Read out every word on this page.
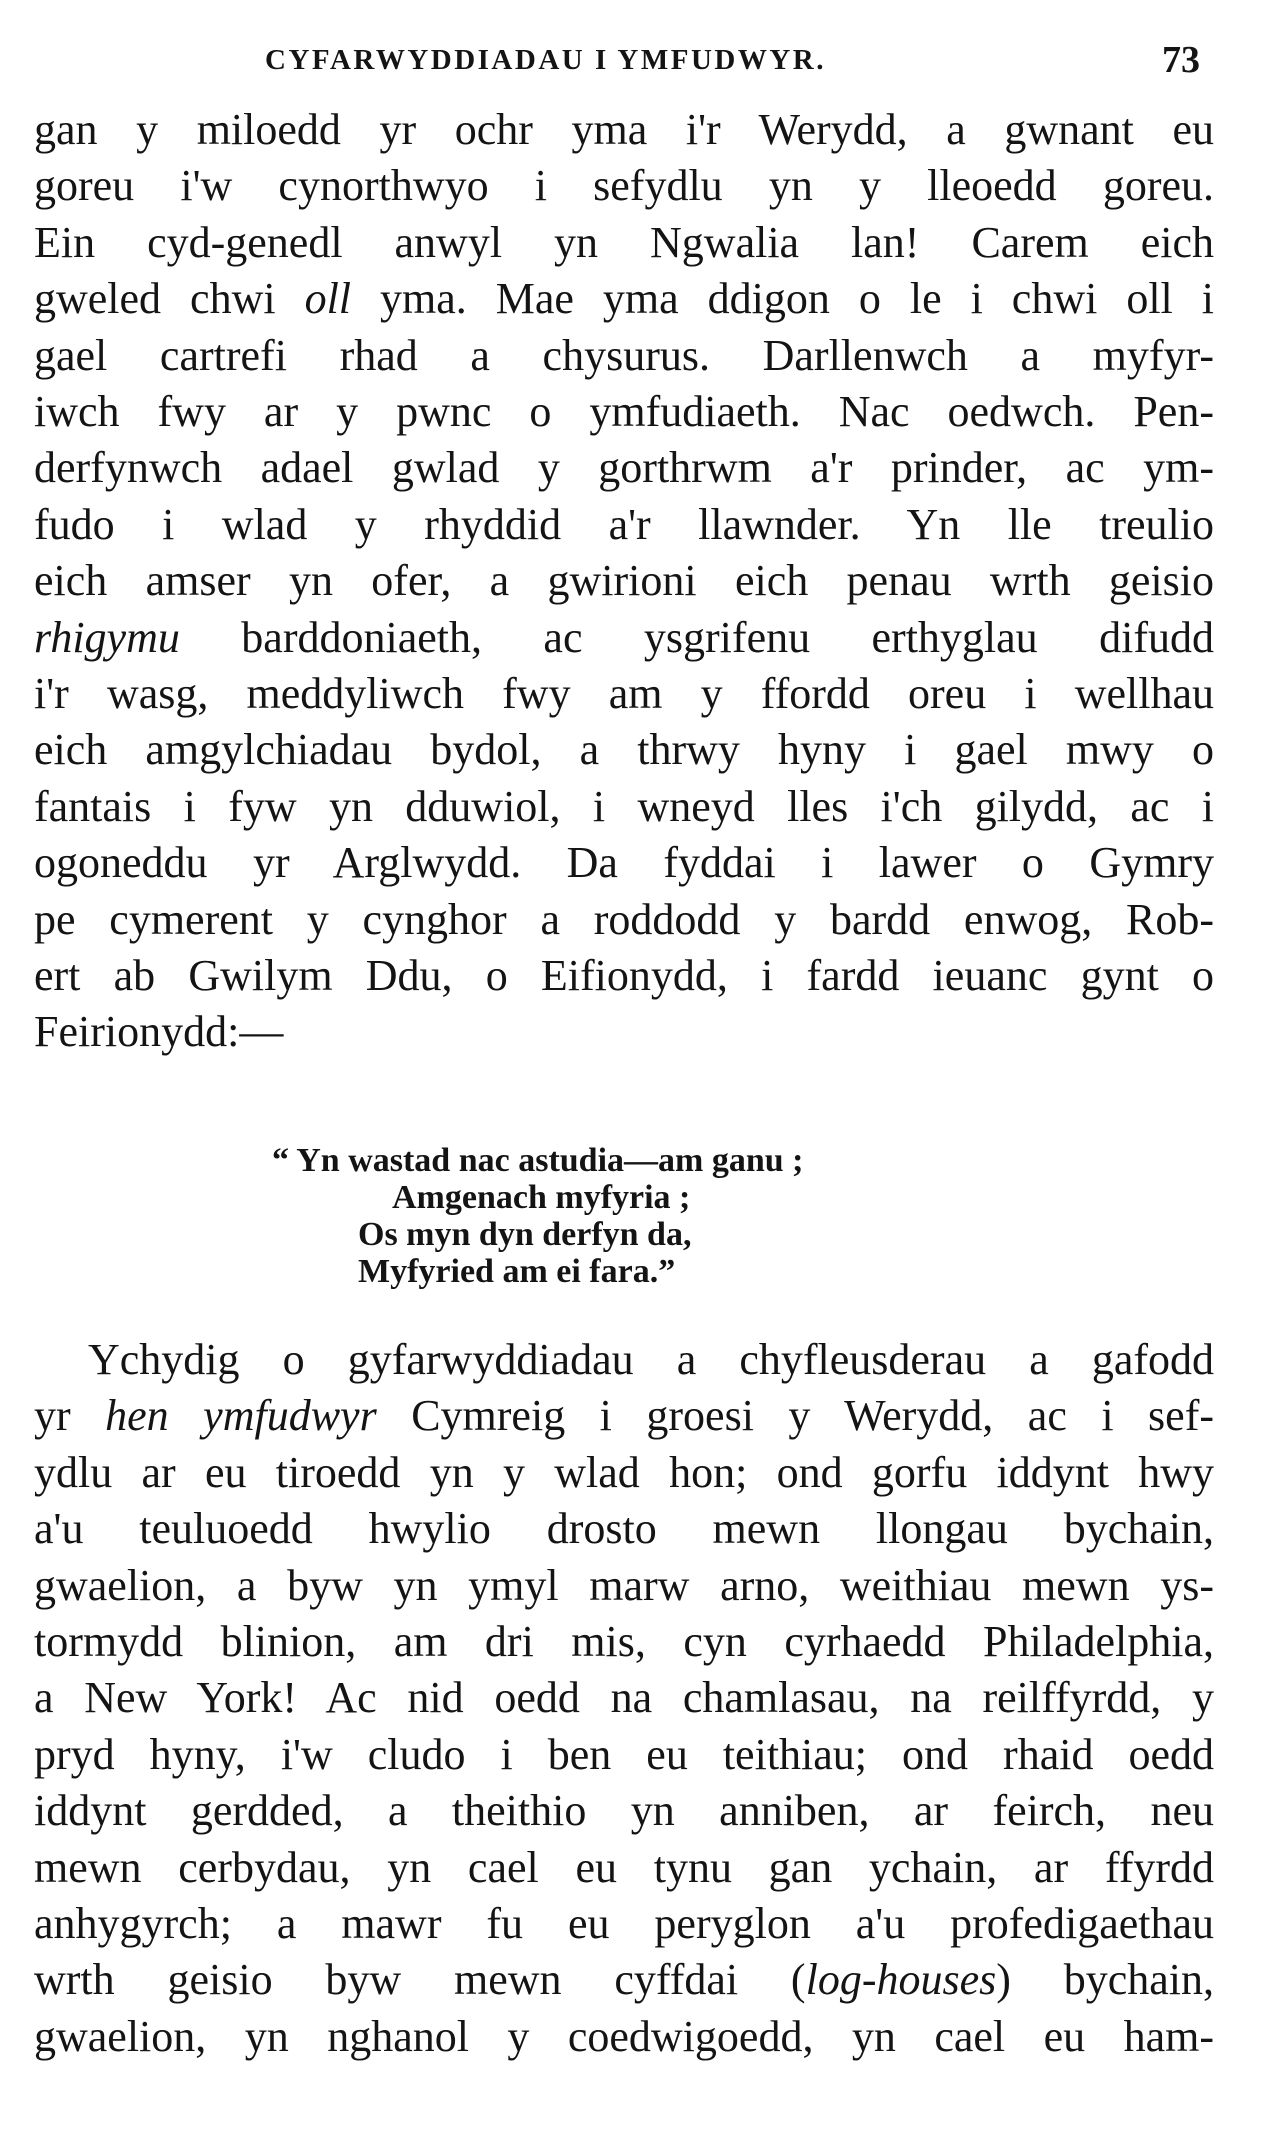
CYFARWYDDIADAU I YMFUDWYR.	73
gan y miloedd yr ochr yma i'r Werydd, a gwnant eu
goreu i'w cynorthwyo i sefydlu yn y lleoedd goreu.
Ein cyd-genedl anwyl yn Ngwalia lan! Carem eich
gweled chwi oll yma. Mae yma ddigon o le i chwi oll i
gael cartrefi rhad a chysurus. Darllenwch a myfyr-
iwch fwy ar y pwnc o ymfudiaeth. Nac oedwch. Pen-
derfynwch adael gwlad y gorthrwm a'r prinder, ac ym-
fudo i wlad y rhyddid a'r llawnder. Yn lle treulio
eich amser yn ofer, a gwirioni eich penau wrth geisio
rhigymu barddoniaeth, ac ysgrifenu erthyglau difudd
i'r wasg, meddyliwch fwy am y ffordd oreu i wellhau
eich amgylchiadau bydol, a thrwy hyny i gael mwy o
fantais i fyw yn dduwiol, i wneyd lles i'ch gilydd, ac i
ogoneddu yr Arglwydd. Da fyddai i lawer o Gymry
pe cymerent y cynghor a roddodd y bardd enwog, Rob-
ert ab Gwilym Ddu, o Eifionydd, i fardd ieuanc gynt o
Feirionydd:—
“ Yn wastad nac astudia—am ganu ;
Amgenach myfyria ;
Os myn dyn derfyn da,
Myfyried am ei fara.”
Ychydig o gyfarwyddiadau a chyfleusderau a gafodd
yr hen ymfudwyr Cymreig i groesi y Werydd, ac i sef-
ydlu ar eu tiroedd yn y wlad hon; ond gorfu iddynt hwy
a'u teuluoedd hwylio drosto mewn llongau bychain,
gwaelion, a byw yn ymyl marw arno, weithiau mewn ys-
tormydd blinion, am dri mis, cyn cyrhaedd Philadelphia,
a New York! Ac nid oedd na chamlasau, na reilffyrdd, y
pryd hyny, i'w cludo i ben eu teithiau; ond rhaid oedd
iddynt gerdded, a theithio yn anniben, ar feirch, neu
mewn cerbydau, yn cael eu tynu gan ychain, ar ffyrdd
anhygyrch; a mawr fu eu peryglon a'u profedigaethau
wrth geisio byw mewn cyffdai (log-houses) bychain,
gwaelion, yn nghanol y coedwigoedd, yn cael eu ham-
